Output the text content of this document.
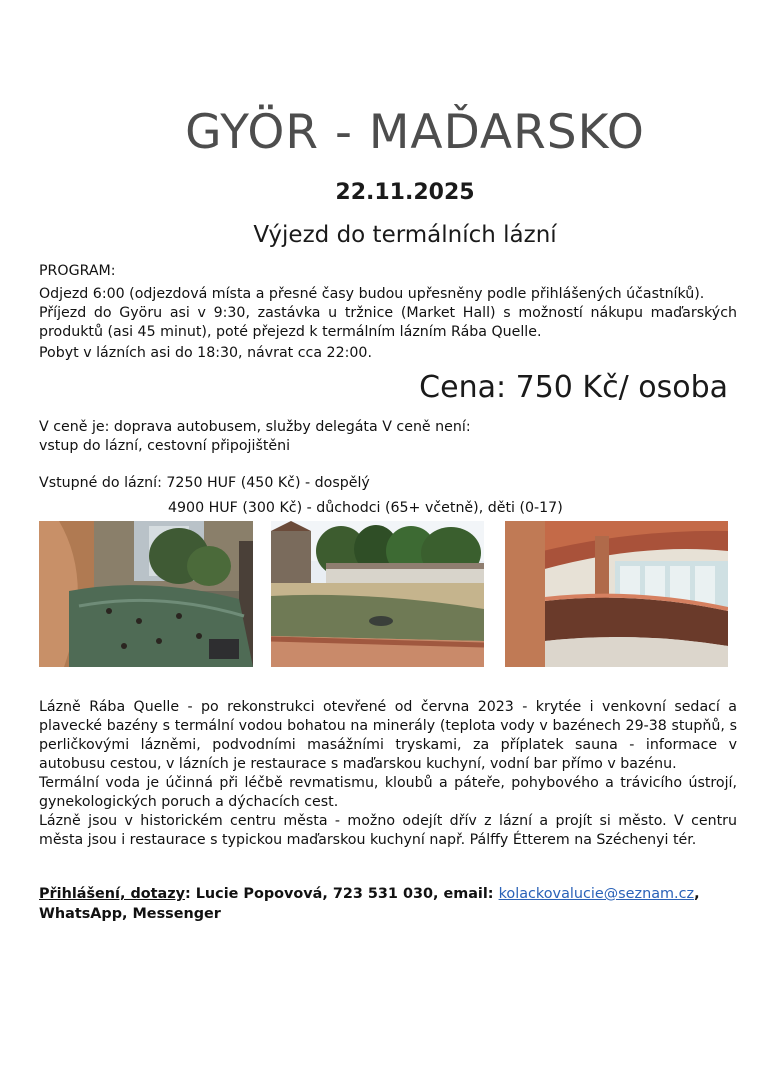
GYÖR - MAĎARSKO
22.11.2025
Výjezd do termálních lázní
PROGRAM:
Odjezd 6:00 (odjezdová místa a přesné časy budou upřesněny podle přihlášených účastníků).
Příjezd do Györu asi v 9:30, zastávka u tržnice (Market Hall) s možností nákupu maďarských
produktů (asi 45 minut), poté přejezd k termálním lázním Rába Quelle.
Pobyt v lázních asi do 18:30, návrat cca 22:00.
Cena: 750 Kč/ osoba
V ceně je: doprava autobusem, služby delegáta V ceně není:
vstup do lázní, cestovní připojištěni
Vstupné do lázní: 7250 HUF (450 Kč) - dospělý
4900 HUF (300 Kč) - důchodci (65+ včetně), děti (0-17)

Lázně Rába Quelle - po rekonstrukci otevřené od června 2023 - krytée i venkovní sedací a plavecké bazény s termální vodou bohatou na minerály (teplota vody v bazénech 29-38 stupňů, s perličkovými lázněmi, podvodními masážními tryskami, za příplatek sauna - informace v autobusu cestou, v lázních je restaurace s maďarskou kuchyní, vodní bar přímo v bazénu.

Termální voda je účinná při léčbě revmatismu, kloubů a páteře, pohybového a trávicího ústrojí, gynekologických poruch a dýchacích cest.

Lázně jsou v historickém centru města - možno odejít dřív z lázní a projít si město. V centru města jsou i restaurace s typickou maďarskou kuchyní např. Pálffy Étterem na Széchenyi tér.

Přihlášení, dotazy: Lucie Popovová, 723 531 030, email: kolackovalucie@seznam.cz,
WhatsApp, Messenger
